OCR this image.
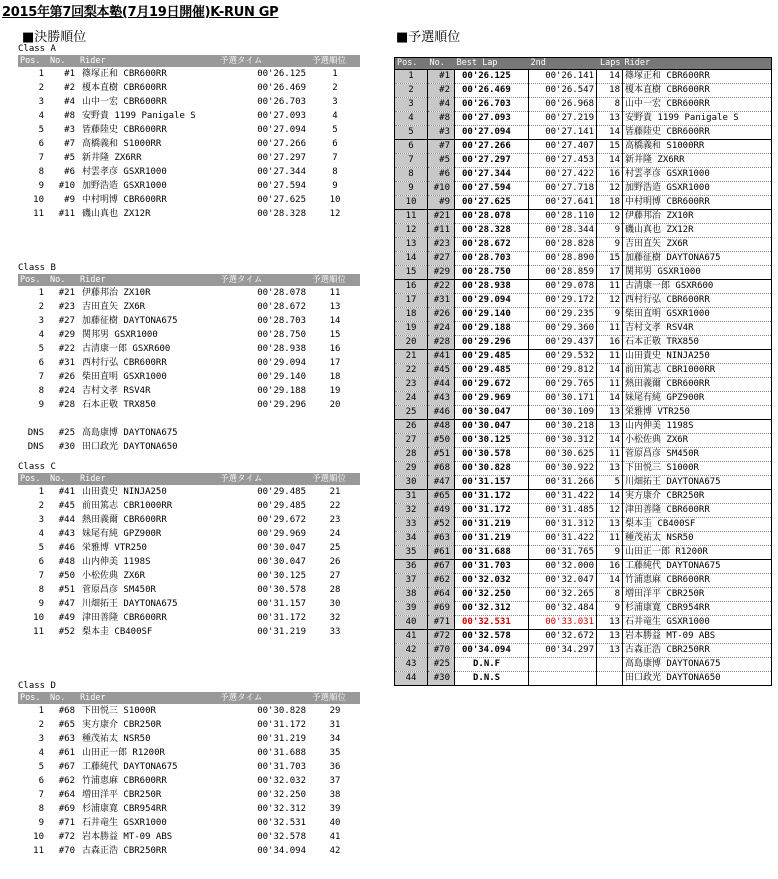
2015年第7回梨本塾(7月19日開催)K-RUN GP
■決勝順位	■予選順位
Class A
Pos.	No.	Rider	予選タイム	予選順位
1	#1	篠塚正和 CBR600RR	00'26.125	1
2	#2	榎本直樹 CBR600RR	00'26.469	2
3	#4	山中一宏 CBR600RR	00'26.703	3
4	#8	安野貴 1199 Panigale S	00'27.093	4
5	#3	皆藤陸史 CBR600RR	00'27.094	5
6	#7	高橋義和 S1000RR	00'27.266	6
7	#5	新井隆 ZX6RR	00'27.297	7
8	#6	村雲孝彦 GSXR1000	00'27.344	8
9	#10	加野浩造 GSXR1000	00'27.594	9
10	#9	中村明博 CBR600RR	00'27.625	10
11	#11	磯山真也 ZX12R	00'28.328	12
Class B
Pos.	No.	Rider	予選タイム	予選順位
1	#21	伊藤邦治 ZX10R	00'28.078	11
2	#23	吉田直矢 ZX6R	00'28.672	13
3	#27	加藤征樹 DAYTONA675	00'28.703	14
4	#29	関邦男 GSXR1000	00'28.750	15
5	#22	古清康一郎 GSXR600	00'28.938	16
6	#31	西村行弘 CBR600RR	00'29.094	17
7	#26	柴田直明 GSXR1000	00'29.140	18
8	#24	吉村文孝 RSV4R	00'29.188	19
9	#28	石本正敬 TRX850	00'29.296	20

DNS	#25	高島康博 DAYTONA675		
DNS	#30	田口政光 DAYTONA650		
Class C
Pos.	No.	Rider	予選タイム	予選順位
1	#41	山田貴史 NINJA250	00'29.485	21
2	#45	前田篤志 CBR1000RR	00'29.485	22
3	#44	熱田義爾 CBR600RR	00'29.672	23
4	#43	妹尾有純 GPZ900R	00'29.969	24
5	#46	栄雅博 VTR250	00'30.047	25
6	#48	山内伸美 1198S	00'30.047	26
7	#50	小松佐典 ZX6R	00'30.125	27
8	#51	菅原昌彦 SM450R	00'30.578	28
9	#47	川畑拓王 DAYTONA675	00'31.157	30
10	#49	津田善隆 CBR600RR	00'31.172	32
11	#52	梨本圭 CB400SF	00'31.219	33
Class D
Pos.	No.	Rider	予選タイム	予選順位
1	#68	下田悦三 S1000R	00'30.828	29
2	#65	実方康介 CBR250R	00'31.172	31
3	#63	種茂祐太 NSR50	00'31.219	34
4	#61	山田正一郎 R1200R	00'31.688	35
5	#67	工藤純代 DAYTONA675	00'31.703	36
6	#62	竹浦恵麻 CBR600RR	00'32.032	37
7	#64	増田洋平 CBR250R	00'32.250	38
8	#69	杉浦康寛 CBR954RR	00'32.312	39
9	#71	石井竜生 GSXR1000	00'32.531	40
10	#72	岩本勝益 MT-09 ABS	00'32.578	41
11	#70	古森正浩 CBR250RR	00'34.094	42
Pos.	No.	Best Lap	2nd	Laps	Rider
1	#1	00'26.125	00'26.141	14	篠塚正和 CBR600RR
2	#2	00'26.469	00'26.547	18	榎本直樹 CBR600RR
3	#4	00'26.703	00'26.968	8	山中一宏 CBR600RR
4	#8	00'27.093	00'27.219	13	安野貴 1199 Panigale S
5	#3	00'27.094	00'27.141	14	皆藤陸史 CBR600RR
6	#7	00'27.266	00'27.407	15	高橋義和 S1000RR
7	#5	00'27.297	00'27.453	14	新井隆 ZX6RR
8	#6	00'27.344	00'27.422	16	村雲孝彦 GSXR1000
9	#10	00'27.594	00'27.718	12	加野浩造 GSXR1000
10	#9	00'27.625	00'27.641	18	中村明博 CBR600RR
11	#21	00'28.078	00'28.110	12	伊藤邦治 ZX10R
12	#11	00'28.328	00'28.344	9	磯山真也 ZX12R
13	#23	00'28.672	00'28.828	9	吉田直矢 ZX6R
14	#27	00'28.703	00'28.890	15	加藤征樹 DAYTONA675
15	#29	00'28.750	00'28.859	17	関邦男 GSXR1000
16	#22	00'28.938	00'29.078	11	古清康一郎 GSXR600
17	#31	00'29.094	00'29.172	12	西村行弘 CBR600RR
18	#26	00'29.140	00'29.235	9	柴田直明 GSXR1000
19	#24	00'29.188	00'29.360	11	吉村文孝 RSV4R
20	#28	00'29.296	00'29.437	16	石本正敬 TRX850
21	#41	00'29.485	00'29.532	11	山田貴史 NINJA250
22	#45	00'29.485	00'29.812	14	前田篤志 CBR1000RR
23	#44	00'29.672	00'29.765	11	熱田義爾 CBR600RR
24	#43	00'29.969	00'30.171	14	妹尾有純 GPZ900R
25	#46	00'30.047	00'30.109	13	栄雅博 VTR250
26	#48	00'30.047	00'30.218	13	山内伸美 1198S
27	#50	00'30.125	00'30.312	14	小松佐典 ZX6R
28	#51	00'30.578	00'30.625	11	菅原昌彦 SM450R
29	#68	00'30.828	00'30.922	13	下田悦三 S1000R
30	#47	00'31.157	00'31.266	5	川畑拓王 DAYTONA675
31	#65	00'31.172	00'31.422	14	実方康介 CBR250R
32	#49	00'31.172	00'31.485	12	津田善隆 CBR600RR
33	#52	00'31.219	00'31.312	13	梨本圭 CB400SF
34	#63	00'31.219	00'31.422	11	種茂祐太 NSR50
35	#61	00'31.688	00'31.765	9	山田正一郎 R1200R
36	#67	00'31.703	00'32.000	16	工藤純代 DAYTONA675
37	#62	00'32.032	00'32.047	14	竹浦恵麻 CBR600RR
38	#64	00'32.250	00'32.265	8	増田洋平 CBR250R
39	#69	00'32.312	00'32.484	9	杉浦康寛 CBR954RR
40	#71	00'32.531	00'33.031	13	石井竜生 GSXR1000
41	#72	00'32.578	00'32.672	13	岩本勝益 MT-09 ABS
42	#70	00'34.094	00'34.297	13	古森正浩 CBR250RR
43	#25	D.N.F			高島康博 DAYTONA675
44	#30	D.N.S			田口政光 DAYTONA650
